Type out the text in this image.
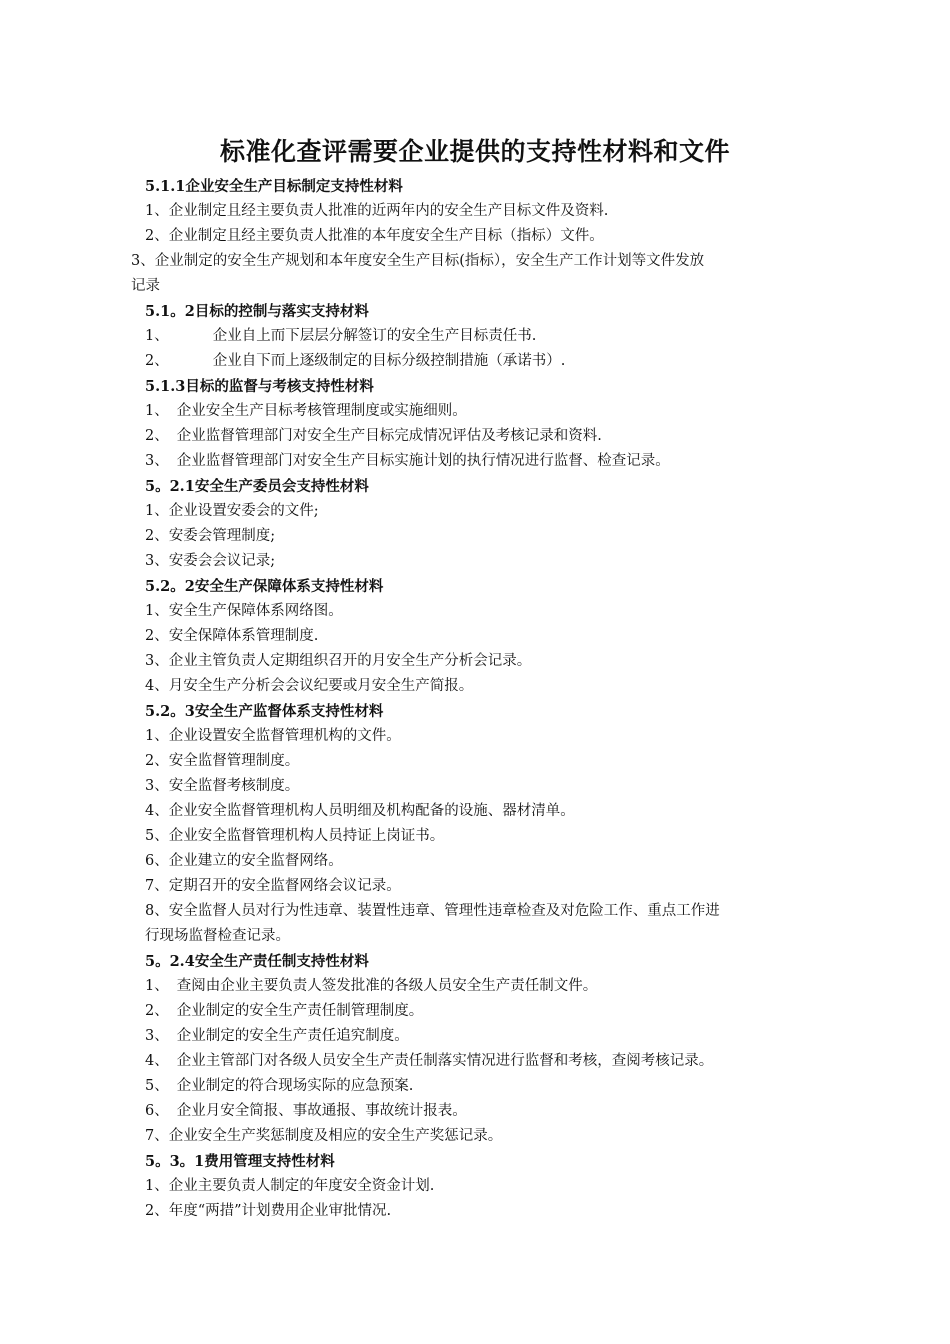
标准化查评需要企业提供的支持性材料和文件
5.1.1企业安全生产目标制定支持性材料
1、企业制定且经主要负责人批准的近两年内的安全生产目标文件及资料.
2、企业制定且经主要负责人批准的本年度安全生产目标（指标）文件。
3、企业制定的安全生产规划和本年度安全生产目标(指标），安全生产工作计划等文件发放
记录
5.1。2目标的控制与落实支持材料
1、	企业自上而下层层分解签订的安全生产目标责任书.
2、	企业自下而上逐级制定的目标分级控制措施（承诺书）.
5.1.3目标的监督与考核支持性材料
1、 企业安全生产目标考核管理制度或实施细则。
2、 企业监督管理部门对安全生产目标完成情况评估及考核记录和资料.
3、 企业监督管理部门对安全生产目标实施计划的执行情况进行监督、检查记录。
5。2.1安全生产委员会支持性材料
1、企业设置安委会的文件;
2、安委会管理制度;
3、安委会会议记录;
5.2。2安全生产保障体系支持性材料
1、安全生产保障体系网络图。
2、安全保障体系管理制度.
3、企业主管负责人定期组织召开的月安全生产分析会记录。
4、月安全生产分析会会议纪要或月安全生产简报。
5.2。3安全生产监督体系支持性材料
1、企业设置安全监督管理机构的文件。
2、安全监督管理制度。
3、安全监督考核制度。
4、企业安全监督管理机构人员明细及机构配备的设施、器材清单。
5、企业安全监督管理机构人员持证上岗证书。
6、企业建立的安全监督网络。
7、定期召开的安全监督网络会议记录。
8、安全监督人员对行为性违章、装置性违章、管理性违章检查及对危险工作、重点工作进
行现场监督检查记录。
5。2.4安全生产责任制支持性材料
1、 查阅由企业主要负责人签发批准的各级人员安全生产责任制文件。
2、 企业制定的安全生产责任制管理制度。
3、 企业制定的安全生产责任追究制度。
4、 企业主管部门对各级人员安全生产责任制落实情况进行监督和考核，查阅考核记录。
5、 企业制定的符合现场实际的应急预案.
6、 企业月安全简报、事故通报、事故统计报表。
7、企业安全生产奖惩制度及相应的安全生产奖惩记录。
5。3。1费用管理支持性材料
1、企业主要负责人制定的年度安全资金计划.
2、年度“两措”计划费用企业审批情况.
